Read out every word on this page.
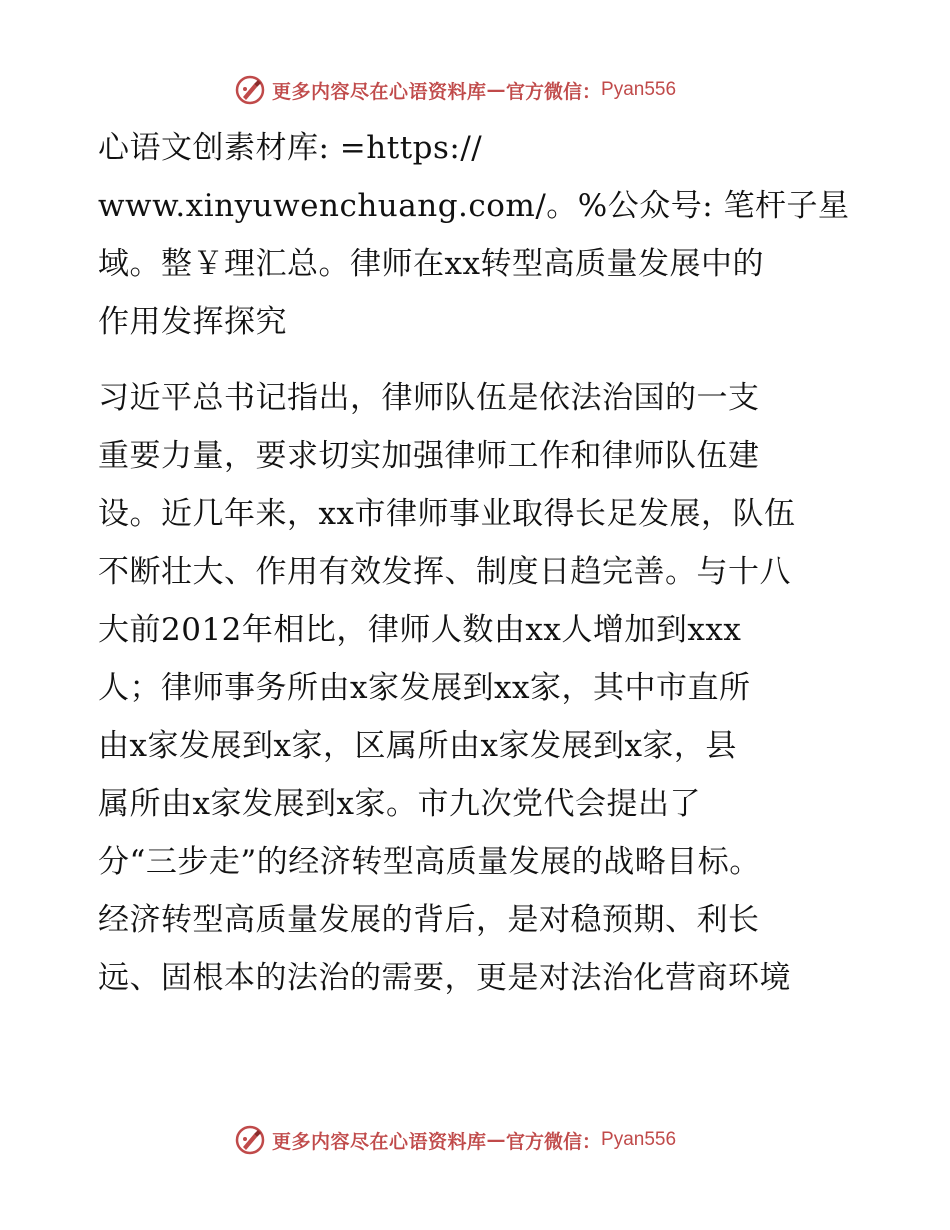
更多内容尽在心语资料库 — 官方微信： Pyan556
心语文创素材库: =https://
www.xinyuwenchuang.com/。%公众号: 笔杆子星
域。整￥理汇总。律师在xx转型高质量发展中的
作用发挥探究
习近平总书记指出，律师队伍是依法治国的一支
重要力量，要求切实加强律师工作和律师队伍建
设。近几年来，xx市律师事业取得长足发展，队伍
不断壮大、作用有效发挥、制度日趋完善。与十八
大前2012年相比，律师人数由xx人增加到xxx
人；律师事务所由x家发展到xx家，其中市直所
由x家发展到x家，区属所由x家发展到x家，县
属所由x家发展到x家。市九次党代会提出了
分“三步走”的经济转型高质量发展的战略目标。
经济转型高质量发展的背后，是对稳预期、利长
远、固根本的法治的需要，更是对法治化营商环境
更多内容尽在心语资料库 — 官方微信： Pyan556
